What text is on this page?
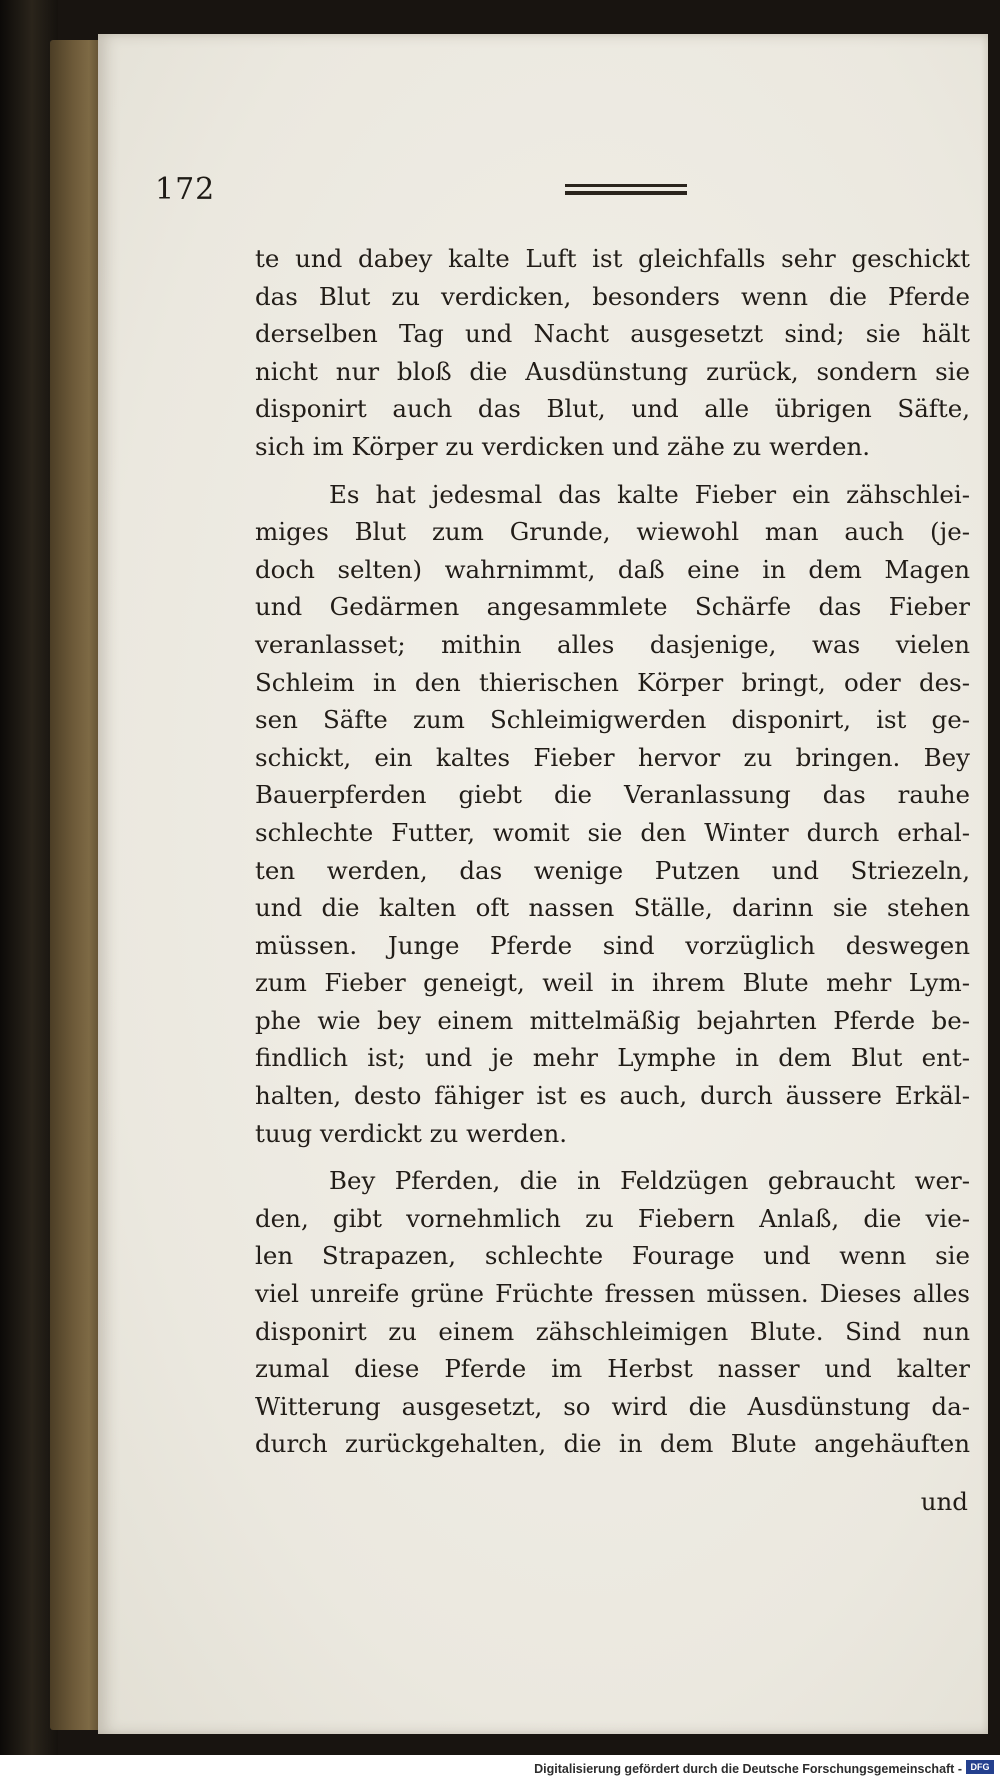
172

te und dabey kalte Luft ist gleichfalls sehr geschickt
das Blut zu verdicken, besonders wenn die Pferde
derselben Tag und Nacht ausgesetzt sind; sie hält
nicht nur bloß die Ausdünstung zurück, sondern sie
disponirt auch das Blut, und alle übrigen Säfte,
sich im Körper zu verdicken und zähe zu werden.

Es hat jedesmal das kalte Fieber ein zähschlei-
miges Blut zum Grunde, wiewohl man auch (je-
doch selten) wahrnimmt, daß eine in dem Magen
und Gedärmen angesammlete Schärfe das Fieber
veranlasset; mithin alles dasjenige, was vielen
Schleim in den thierischen Körper bringt, oder des-
sen Säfte zum Schleimigwerden disponirt, ist ge-
schickt, ein kaltes Fieber hervor zu bringen. Bey
Bauerpferden giebt die Veranlassung das rauhe
schlechte Futter, womit sie den Winter durch erhal-
ten werden, das wenige Putzen und Striezeln,
und die kalten oft nassen Ställe, darinn sie stehen
müssen. Junge Pferde sind vorzüglich deswegen
zum Fieber geneigt, weil in ihrem Blute mehr Lym-
phe wie bey einem mittelmäßig bejahrten Pferde be-
findlich ist; und je mehr Lymphe in dem Blut ent-
halten, desto fähiger ist es auch, durch äussere Erkäl-
tuug verdickt zu werden.

Bey Pferden, die in Feldzügen gebraucht wer-
den, gibt vornehmlich zu Fiebern Anlaß, die vie-
len Strapazen, schlechte Fourage und wenn sie
viel unreife grüne Früchte fressen müssen. Dieses alles
disponirt zu einem zähschleimigen Blute. Sind nun
zumal diese Pferde im Herbst nasser und kalter
Witterung ausgesetzt, so wird die Ausdünstung da-
durch zurückgehalten, die in dem Blute angehäuften

und
Digitalisierung gefördert durch die Deutsche Forschungsgemeinschaft - DFG
